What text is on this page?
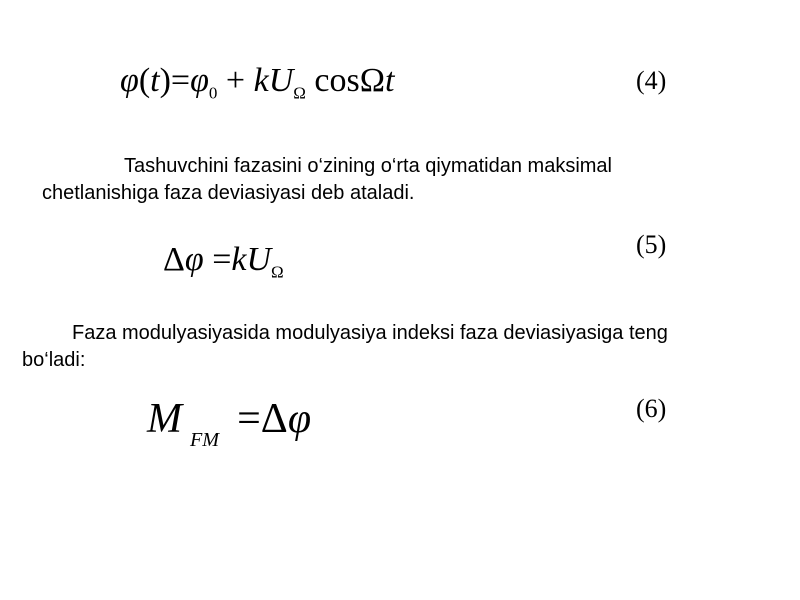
$\varphi(t)=\varphi_0 + kU_\Omega$ cosΩt	(4)

Tashuvchini fazasini o‘zining o‘rta qiymatidan maksimal

chetlanishiga faza deviasiyasi deb ataladi.

$\Delta\varphi =kU_\Omega$
(5)

Faza modulyasiyasida modulyasiya indeksi faza deviasiyasiga teng

bo‘ladi:

M $_{FM}$ =Δφ	(6)
